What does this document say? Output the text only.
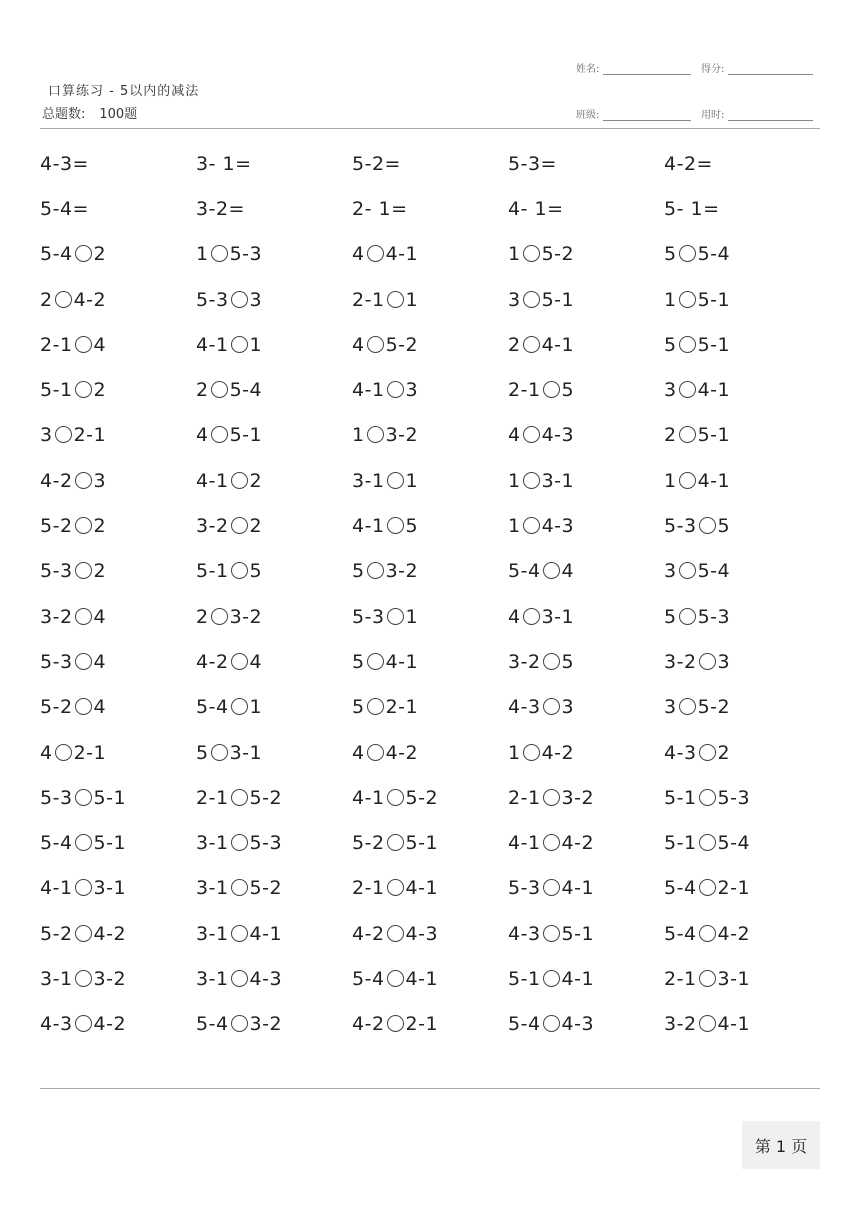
口算练习 - 5以内的减法
总题数: 100题
姓名:	得分:
班级:	用时:
4-3=	3- 1=	5-2=	5-3=	4-2=
5-4=	3-2=	2- 1=	4- 1=	5- 1=
5-4 2	1 5-3	4 4-1	1 5-2	5 5-4
2 4-2	5-3 3	2-1 1	3 5-1	1 5-1
2-1 4	4-1 1	4 5-2	2 4-1	5 5-1
5-1 2	2 5-4	4-1 3	2-1 5	3 4-1
3 2-1	4 5-1	1 3-2	4 4-3	2 5-1
4-2 3	4-1 2	3-1 1	1 3-1	1 4-1
5-2 2	3-2 2	4-1 5	1 4-3	5-3 5
5-3 2	5-1 5	5 3-2	5-4 4	3 5-4
3-2 4	2 3-2	5-3 1	4 3-1	5 5-3
5-3 4	4-2 4	5 4-1	3-2 5	3-2 3
5-2 4	5-4 1	5 2-1	4-3 3	3 5-2
4 2-1	5 3-1	4 4-2	1 4-2	4-3 2
5-3 5-1	2-1 5-2	4-1 5-2	2-1 3-2	5-1 5-3
5-4 5-1	3-1 5-3	5-2 5-1	4-1 4-2	5-1 5-4
4-1 3-1	3-1 5-2	2-1 4-1	5-3 4-1	5-4 2-1
5-2 4-2	3-1 4-1	4-2 4-3	4-3 5-1	5-4 4-2
3-1 3-2	3-1 4-3	5-4 4-1	5-1 4-1	2-1 3-1
4-3 4-2	5-4 3-2	4-2 2-1	5-4 4-3	3-2 4-1
第 1 页
